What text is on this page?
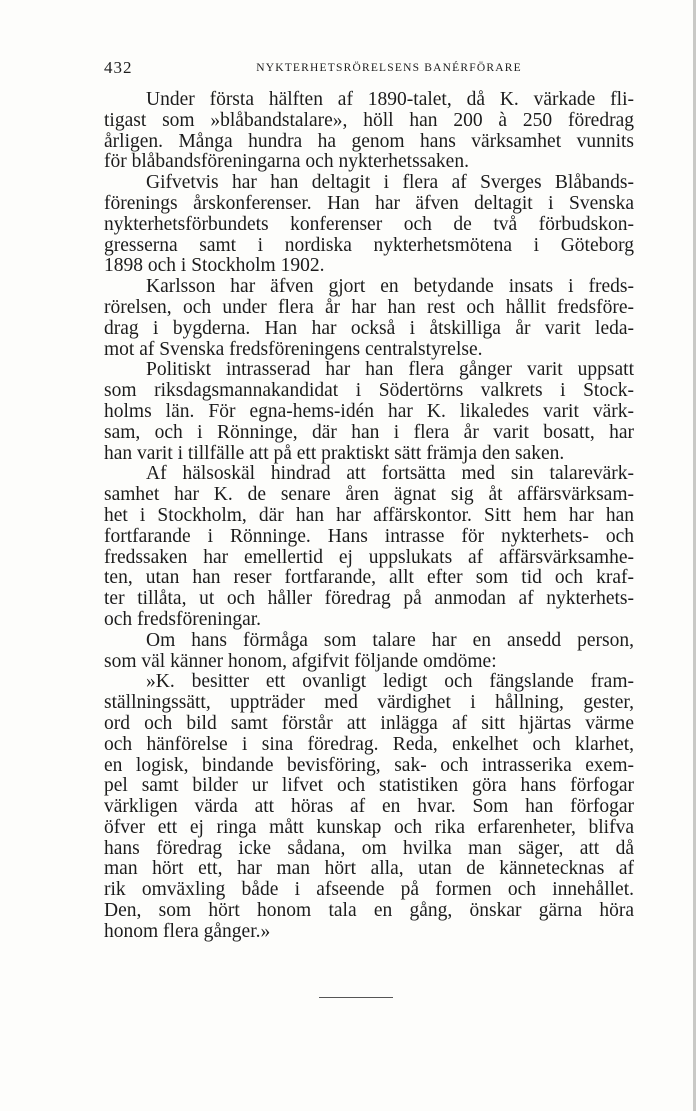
432	NYKTERHETSRÖRELSENS BANÉRFÖRARE
Under första hälften af 1890-talet, då K. värkade fli-
tigast som »blåbandstalare», höll han 200 à 250 föredrag
årligen. Många hundra ha genom hans värksamhet vunnits
för blåbandsföreningarna och nykterhetssaken.
Gifvetvis har han deltagit i flera af Sverges Blåbands-
förenings årskonferenser. Han har äfven deltagit i Svenska
nykterhetsförbundets konferenser och de två förbudskon-
gresserna samt i nordiska nykterhetsmötena i Göteborg
1898 och i Stockholm 1902.
Karlsson har äfven gjort en betydande insats i freds-
rörelsen, och under flera år har han rest och hållit fredsföre-
drag i bygderna. Han har också i åtskilliga år varit leda-
mot af Svenska fredsföreningens centralstyrelse.
Politiskt intrasserad har han flera gånger varit uppsatt
som riksdagsmannakandidat i Södertörns valkrets i Stock-
holms län. För egna-hems-idén har K. likaledes varit värk-
sam, och i Rönninge, där han i flera år varit bosatt, har
han varit i tillfälle att på ett praktiskt sätt främja den saken.
Af hälsoskäl hindrad att fortsätta med sin talarevärk-
samhet har K. de senare åren ägnat sig åt affärsvärksam-
het i Stockholm, där han har affärskontor. Sitt hem har han
fortfarande i Rönninge. Hans intrasse för nykterhets- och
fredssaken har emellertid ej uppslukats af affärsvärksamhe-
ten, utan han reser fortfarande, allt efter som tid och kraf-
ter tillåta, ut och håller föredrag på anmodan af nykterhets-
och fredsföreningar.
Om hans förmåga som talare har en ansedd person,
som väl känner honom, afgifvit följande omdöme:
»K. besitter ett ovanligt ledigt och fängslande fram-
ställningssätt, uppträder med värdighet i hållning, gester,
ord och bild samt förstår att inlägga af sitt hjärtas värme
och hänförelse i sina föredrag. Reda, enkelhet och klarhet,
en logisk, bindande bevisföring, sak- och intrasserika exem-
pel samt bilder ur lifvet och statistiken göra hans förfogar
värkligen värda att höras af en hvar. Som han förfogar
öfver ett ej ringa mått kunskap och rika erfarenheter, blifva
hans föredrag icke sådana, om hvilka man säger, att då
man hört ett, har man hört alla, utan de kännetecknas af
rik omväxling både i afseende på formen och innehållet.
Den, som hört honom tala en gång, önskar gärna höra
honom flera gånger.»
